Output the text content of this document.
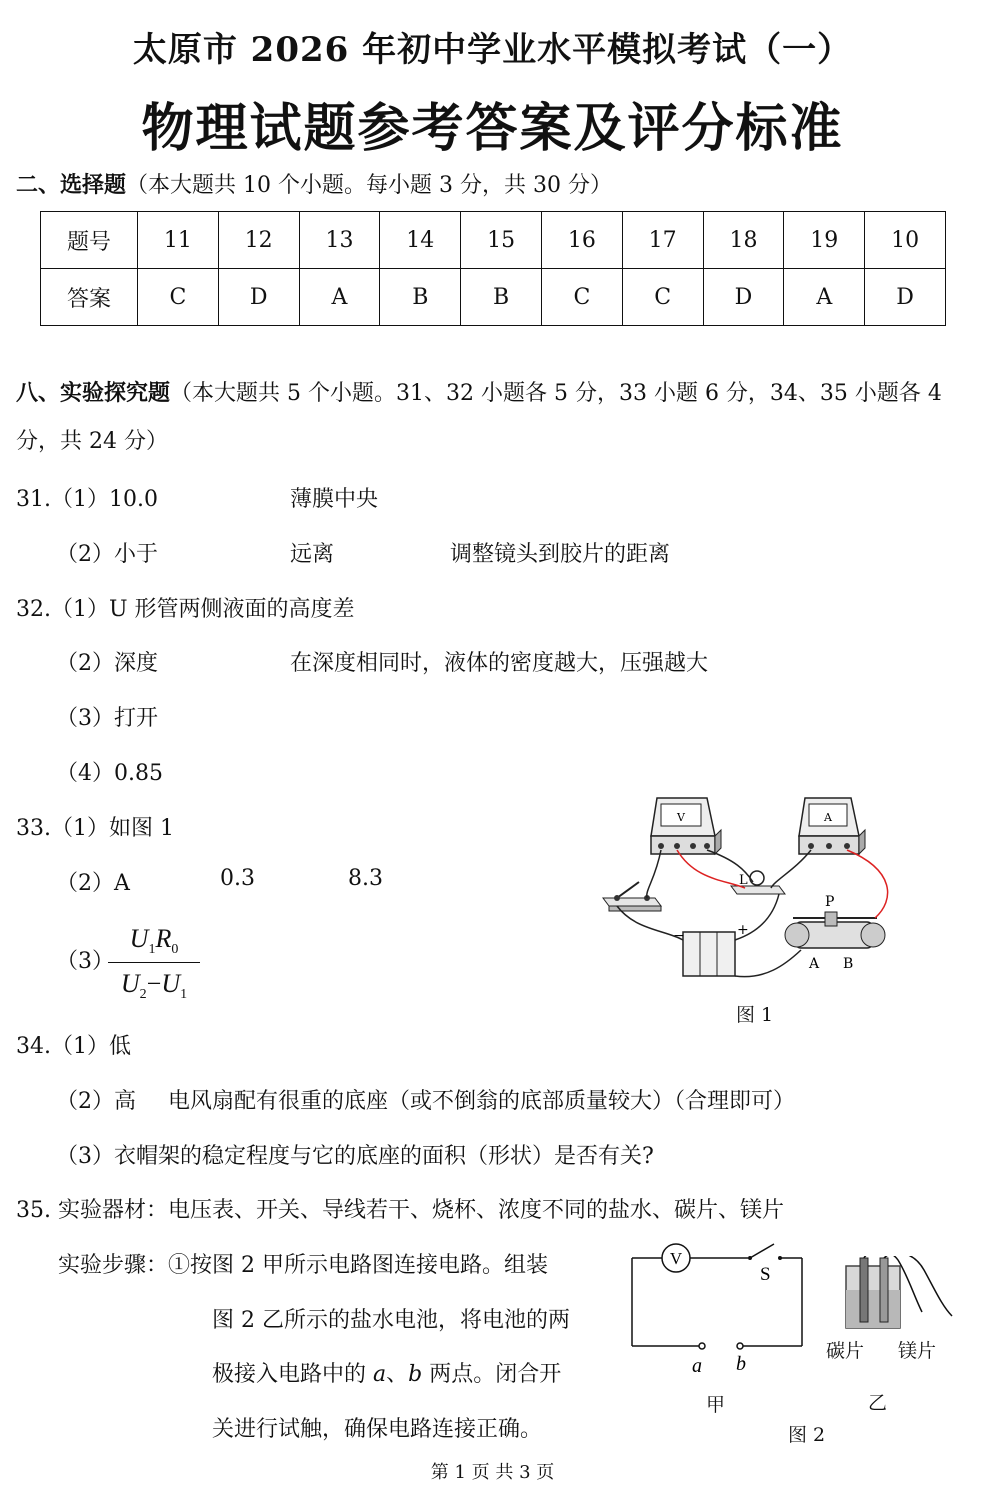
太原市 2026 年初中学业水平模拟考试（一）
物理试题参考答案及评分标准
二、选择题（本大题共 10 个小题。每小题 3 分，共 30 分）
题号	11	12	13	14	15	16	17	18	19	10
答案	C	D	A	B	B	C	C	D	A	D
八、实验探究题（本大题共 5 个小题。31、32 小题各 5 分，33 小题 6 分，34、35 小题各 4
分，共 24 分）
31.（1）10.0	薄膜中央
（2）小于	远离	调整镜头到胶片的距离
32.（1）U 形管两侧液面的高度差
（2）深度	在深度相同时，液体的密度越大，压强越大
（3）打开
（4）0.85
33.（1）如图 1
（2）A	0.3	8.3
（3）
$\frac{U_1R_0}{U_2-U_1}$
V	A
L
−	+
P
A B
图 1
34.（1）低
（2）高 电风扇配有很重的底座（或不倒翁的底部质量较大）（合理即可）
（3）衣帽架的稳定程度与它的底座的面积（形状）是否有关?
35. 实验器材：电压表、开关、导线若干、烧杯、浓度不同的盐水、碳片、镁片
实验步骤：①按图 2 甲所示电路图连接电路。组装
图 2 乙所示的盐水电池，将电池的两
极接入电路中的 a、b 两点。闭合开
关进行试触，确保电路连接正确。
V
S
a b
碳片 镁片
甲	乙
图 2
第 1 页 共 3 页
